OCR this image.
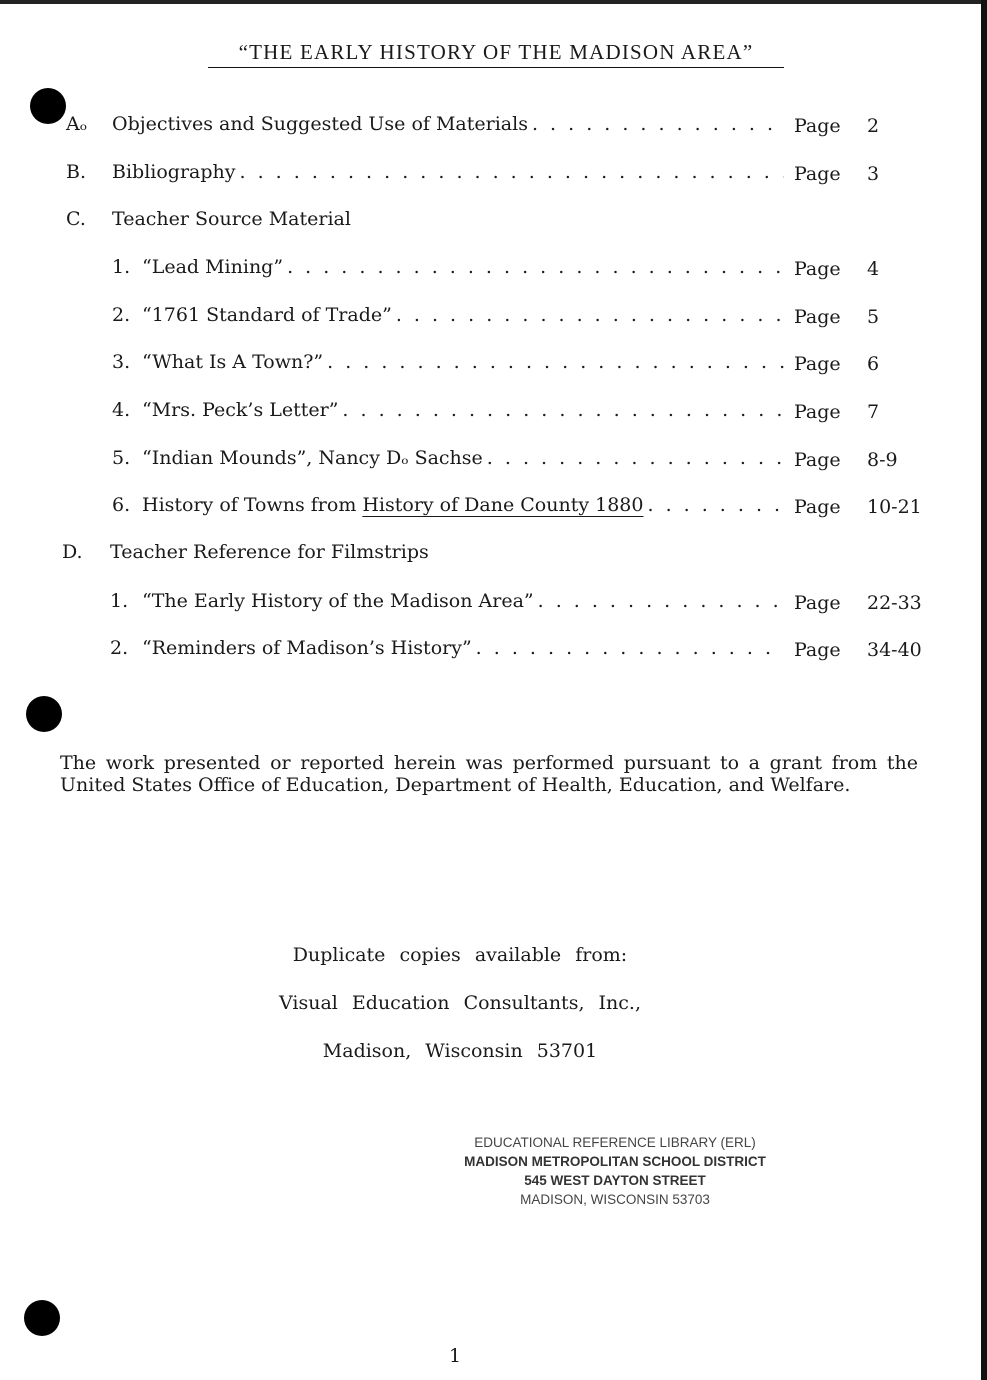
“THE EARLY HISTORY OF THE MADISON AREA”
Aₒ	Objectives and Suggested Use of Materials . . .	Page 2
B.	Bibliography . . .	Page 3
C.	Teacher Source Material
1. “Lead Mining” . . .	Page 4
2. “1761 Standard of Trade” . . .	Page 5
3. “What Is A Town?” . . .	Page 6
4. “Mrs. Peck’s Letter” . . .	Page 7
5. “Indian Mounds”, Nancy Dₒ Sachse . . .	Page 8-9
6. History of Towns from History of Dane County 1880 . . .	Page 10-21
D.	Teacher Reference for Filmstrips
1. “The Early History of the Madison Area” . . .	Page 22-33
2. “Reminders of Madison’s History” . . .	Page 34-40

The work presented or reported herein was performed pursuant to a grant from the United States Office of Education, Department of Health, Education, and Welfare.

Duplicate copies available from:
Visual Education Consultants, Inc.,
Madison, Wisconsin 53701
EDUCATIONAL REFERENCE LIBRARY (ERL)
MADISON METROPOLITAN SCHOOL DISTRICT
545 WEST DAYTON STREET
MADISON, WISCONSIN 53703
1
